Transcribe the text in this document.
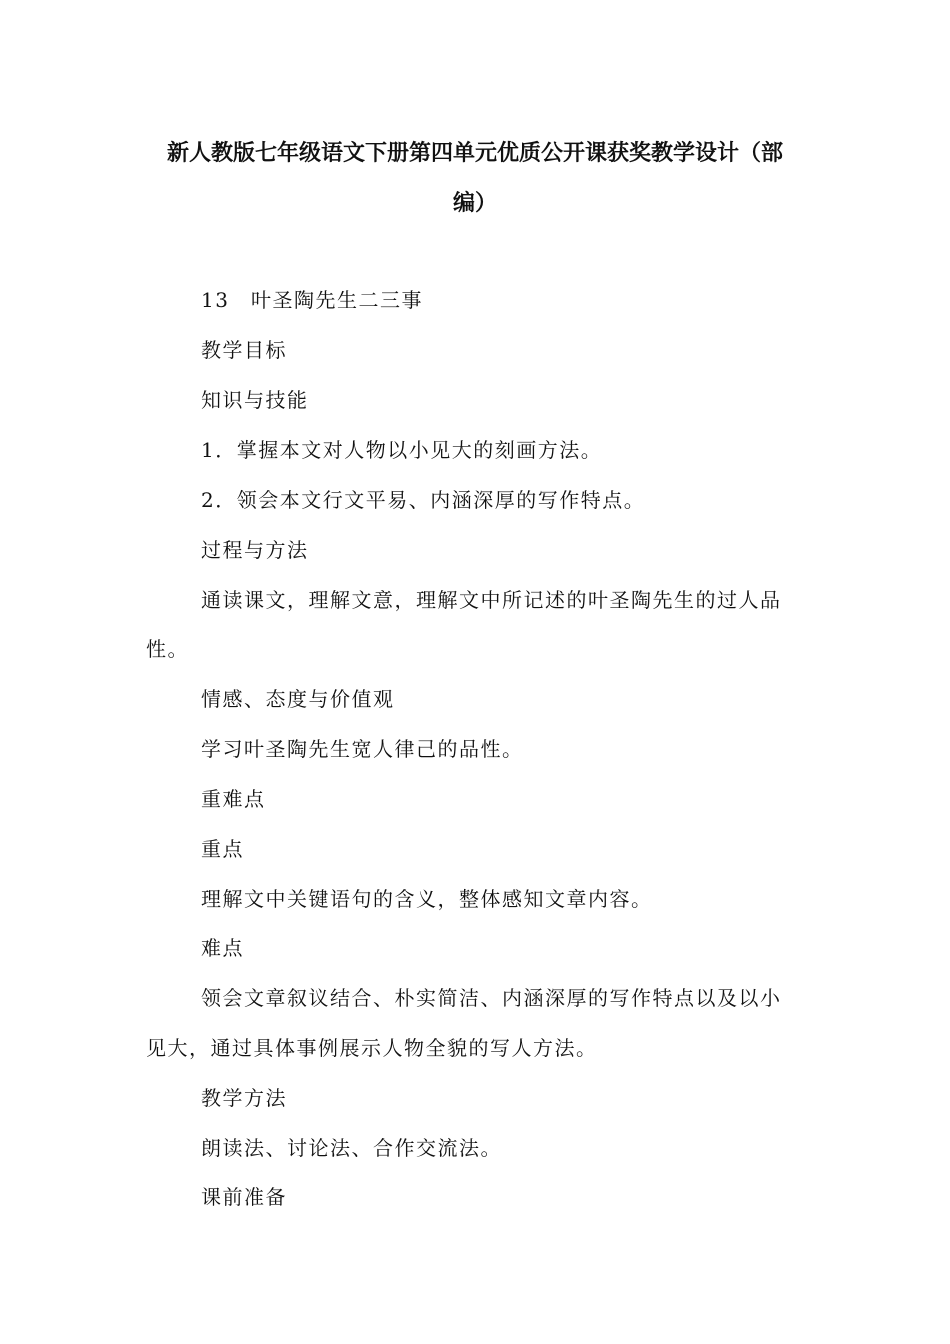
新人教版七年级语文下册第四单元优质公开课获奖教学设计（部
编）
13　叶圣陶先生二三事
教学目标
知识与技能
1．掌握本文对人物以小见大的刻画方法。
2．领会本文行文平易、内涵深厚的写作特点。
过程与方法
通读课文，理解文意，理解文中所记述的叶圣陶先生的过人品
性。
情感、态度与价值观
学习叶圣陶先生宽人律己的品性。
重难点
重点
理解文中关键语句的含义，整体感知文章内容。
难点
领会文章叙议结合、朴实简洁、内涵深厚的写作特点以及以小
见大，通过具体事例展示人物全貌的写人方法。
教学方法
朗读法、讨论法、合作交流法。
课前准备
